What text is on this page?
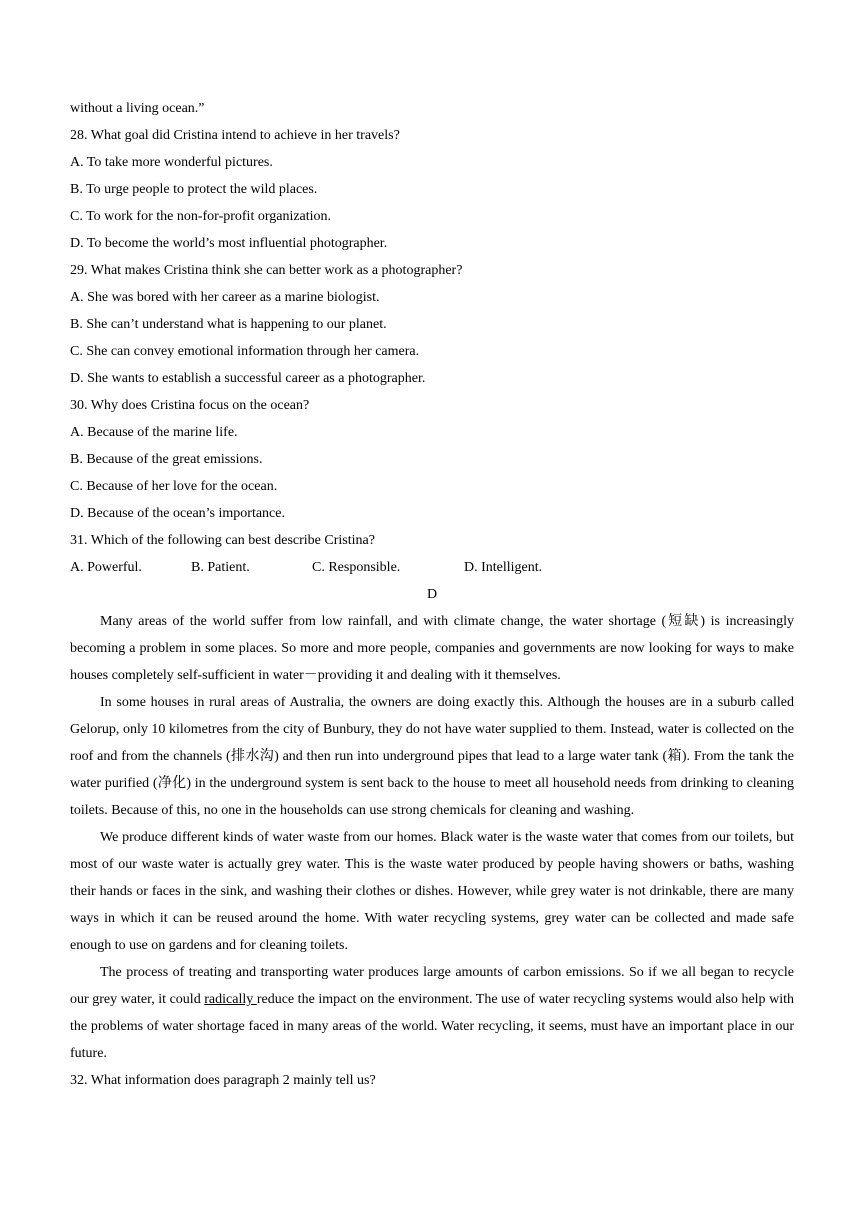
without a living ocean.”
28. What goal did Cristina intend to achieve in her travels?
A. To take more wonderful pictures.
B. To urge people to protect the wild places.
C. To work for the non-for-profit organization.
D. To become the world’s most influential photographer.
29. What makes Cristina think she can better work as a photographer?
A. She was bored with her career as a marine biologist.
B. She can’t understand what is happening to our planet.
C. She can convey emotional information through her camera.
D. She wants to establish a successful career as a photographer.
30. Why does Cristina focus on the ocean?
A. Because of the marine life.
B. Because of the great emissions.
C. Because of her love for the ocean.
D. Because of the ocean’s importance.
31. Which of the following can best describe Cristina?
A. Powerful.	B. Patient.	C. Responsible.	D. Intelligent.
D

Many areas of the world suffer from low rainfall, and with climate change, the water shortage (短缺) is increasingly becoming a problem in some places. So more and more people, companies and governments are now looking for ways to make houses completely self-sufficient in water－providing it and dealing with it themselves.

In some houses in rural areas of Australia, the owners are doing exactly this. Although the houses are in a suburb called Gelorup, only 10 kilometres from the city of Bunbury, they do not have water supplied to them. Instead, water is collected on the roof and from the channels (排水沟) and then run into underground pipes that lead to a large water tank (箱). From the tank the water purified (净化) in the underground system is sent back to the house to meet all household needs from drinking to cleaning toilets. Because of this, no one in the households can use strong chemicals for cleaning and washing.

We produce different kinds of water waste from our homes. Black water is the waste water that comes from our toilets, but most of our waste water is actually grey water. This is the waste water produced by people having showers or baths, washing their hands or faces in the sink, and washing their clothes or dishes. However, while grey water is not drinkable, there are many ways in which it can be reused around the home. With water recycling systems, grey water can be collected and made safe enough to use on gardens and for cleaning toilets.

The process of treating and transporting water produces large amounts of carbon emissions. So if we all began to recycle our grey water, it could radically reduce the impact on the environment. The use of water recycling systems would also help with the problems of water shortage faced in many areas of the world. Water recycling, it seems, must have an important place in our future.

32. What information does paragraph 2 mainly tell us?
